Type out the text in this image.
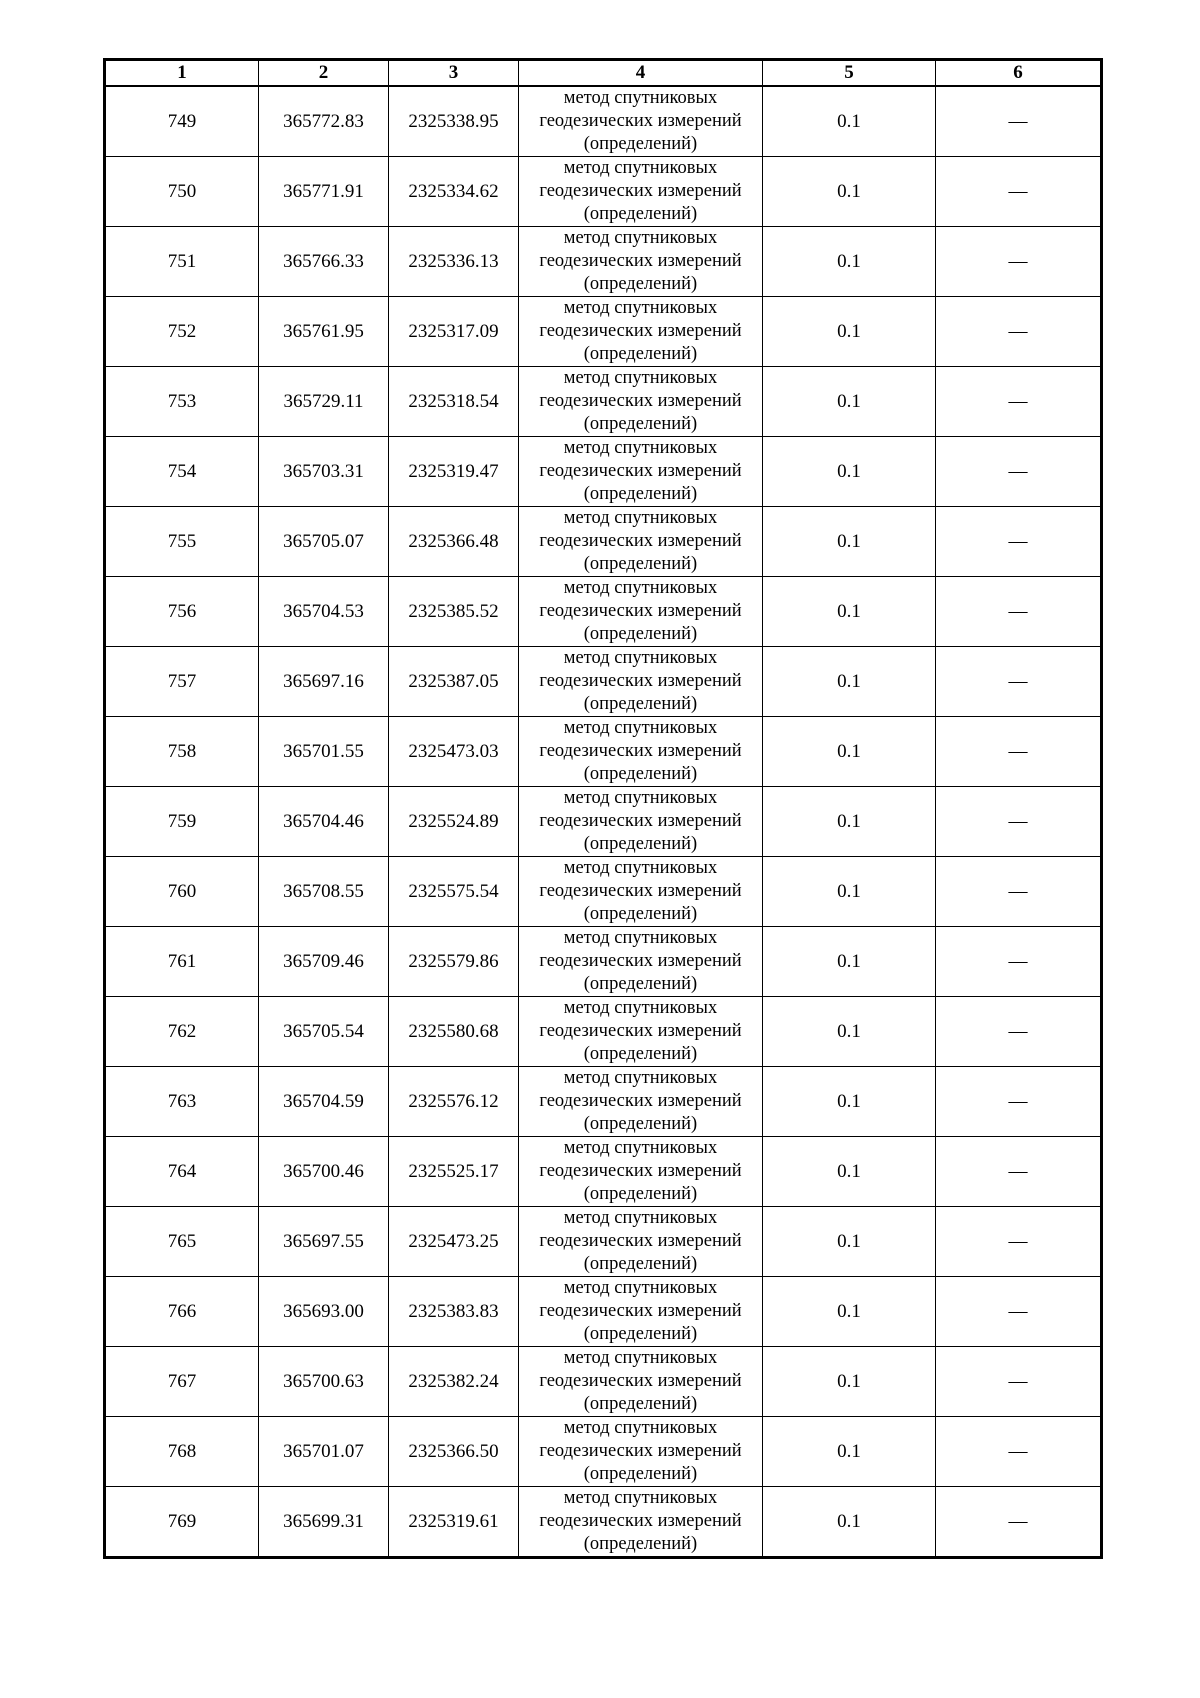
1	2	3	4	5	6
749	365772.83	2325338.95	метод спутниковых
геодезических измерений
(определений)	0.1	—
750	365771.91	2325334.62	метод спутниковых
геодезических измерений
(определений)	0.1	—
751	365766.33	2325336.13	метод спутниковых
геодезических измерений
(определений)	0.1	—
752	365761.95	2325317.09	метод спутниковых
геодезических измерений
(определений)	0.1	—
753	365729.11	2325318.54	метод спутниковых
геодезических измерений
(определений)	0.1	—
754	365703.31	2325319.47	метод спутниковых
геодезических измерений
(определений)	0.1	—
755	365705.07	2325366.48	метод спутниковых
геодезических измерений
(определений)	0.1	—
756	365704.53	2325385.52	метод спутниковых
геодезических измерений
(определений)	0.1	—
757	365697.16	2325387.05	метод спутниковых
геодезических измерений
(определений)	0.1	—
758	365701.55	2325473.03	метод спутниковых
геодезических измерений
(определений)	0.1	—
759	365704.46	2325524.89	метод спутниковых
геодезических измерений
(определений)	0.1	—
760	365708.55	2325575.54	метод спутниковых
геодезических измерений
(определений)	0.1	—
761	365709.46	2325579.86	метод спутниковых
геодезических измерений
(определений)	0.1	—
762	365705.54	2325580.68	метод спутниковых
геодезических измерений
(определений)	0.1	—
763	365704.59	2325576.12	метод спутниковых
геодезических измерений
(определений)	0.1	—
764	365700.46	2325525.17	метод спутниковых
геодезических измерений
(определений)	0.1	—
765	365697.55	2325473.25	метод спутниковых
геодезических измерений
(определений)	0.1	—
766	365693.00	2325383.83	метод спутниковых
геодезических измерений
(определений)	0.1	—
767	365700.63	2325382.24	метод спутниковых
геодезических измерений
(определений)	0.1	—
768	365701.07	2325366.50	метод спутниковых
геодезических измерений
(определений)	0.1	—
769	365699.31	2325319.61	метод спутниковых
геодезических измерений
(определений)	0.1	—
